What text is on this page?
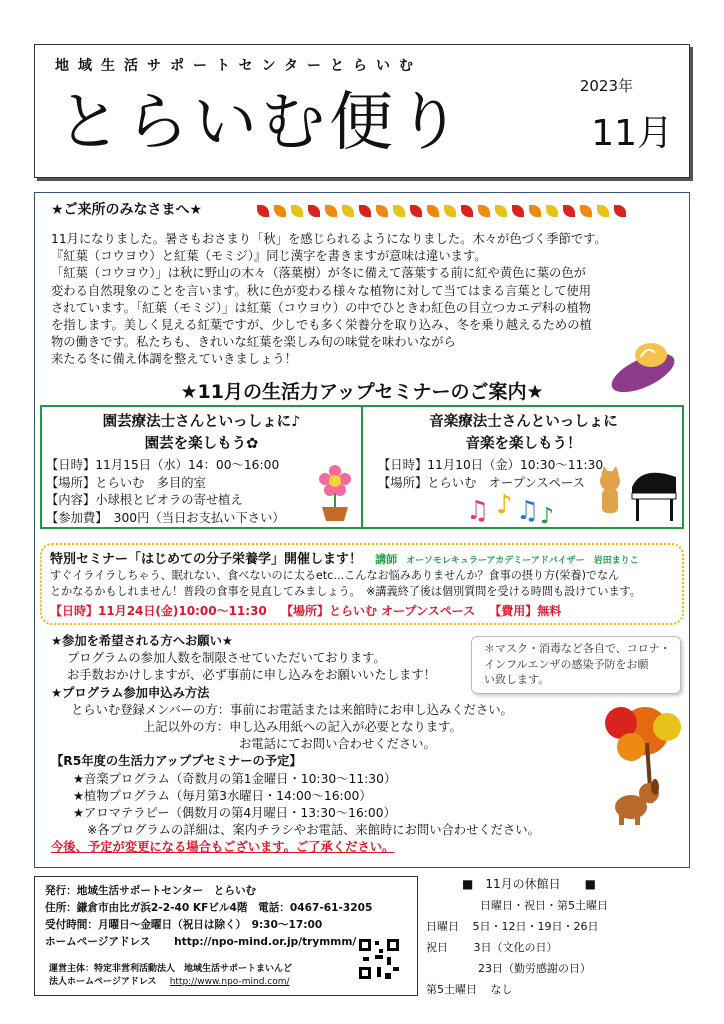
地域生活サポートセンターとらいむ
とらいむ便り	2023年
11月
★ご来所のみなさまへ★
11月になりました。暑さもおさまり「秋」を感じられるようになりました。木々が色づく季節です。
『紅葉（コウヨウ）と紅葉（モミジ）』同じ漢字を書きますが意味は違います。
「紅葉（コウヨウ）」は秋に野山の木々（落葉樹）が冬に備えて落葉する前に紅や黄色に葉の色が
変わる自然現象のことを言います。秋に色が変わる様々な植物に対して当てはまる言葉として使用
されています。「紅葉（モミジ）」は紅葉（コウヨウ）の中でひときわ紅色の目立つカエデ科の植物
を指します。美しく見える紅葉ですが、少しでも多く栄養分を取り込み、冬を乗り越えるための植
物の働きです。私たちも、きれいな紅葉を楽しみ旬の味覚を味わいながら
来たる冬に備え体調を整えていきましょう！
★11月の生活力アップセミナーのご案内★
園芸療法士さんといっしょに♪
園芸を楽しもう✿
【日時】11月15日（水）14：00〜16:00
【場所】とらいむ　多目的室
【内容】小球根とビオラの寄せ植え
【参加費】　300円（当日お支払い下さい）
音楽療法士さんといっしょに
音楽を楽しもう！
【日時】11月10日（金）10:30〜11:30
【場所】とらいむ　オープンスペース
♫ ♪ ♫ ♪
特別セミナー「はじめての分子栄養学」開催します！ 講師 オーソモレキュラーアカデミーアドバイザー　岩田まりこ
すぐイライラしちゃう、眠れない、食べないのに太るetc…こんなお悩みありませんか？食事の摂り方(栄養)でなん
とかなるかもしれません！普段の食事を見直してみましょう。　※講義終了後は個別質問を受ける時間も設けています。
【日時】11月24日(金)10:00〜11:30 【場所】とらいむ オープンスペース 【費用】無料
★参加を希望される方へお願い★
プログラムの参加人数を制限させていただいております。
お手数おかけしますが、必ず事前に申し込みをお願いいたします！
★プログラム参加申込み方法
とらいむ登録メンバーの方：事前にお電話または来館時にお申し込みください。
上記以外の方：申し込み用紙への記入が必要となります。
お電話にてお問い合わせください。
【R5年度の生活力アッププセミナーの予定】
★音楽プログラム（奇数月の第1金曜日・10:30〜11:30）
★植物プログラム（毎月第3水曜日・14:00〜16:00）
★アロマテラピー（偶数月の第4月曜日・13:30〜16:00）
※各プログラムの詳細は、案内チラシやお電話、来館時にお問い合わせください。
今後、予定が変更になる場合もございます。ご了承ください。
＊マスク・消毒など各自で、コロナ・
インフルエンザの感染予防をお願
い致します。
発行：地域生活サポートセンター　とらいむ
住所：鎌倉市由比ガ浜2-2-40 KFビル4階　電話：0467-61-3205
受付時間：月曜日〜金曜日（祝日は除く）　9:30〜17:00
ホームページアドレス http://npo-mind.or.jp/trymmm/
運営主体：特定非営利活動法人　地域生活サポートまいんど
法人ホームページアドレス http://www.npo-mind.com/
■　11月の休館日　　■
日曜日・祝日・第5土曜日
日曜日 5日・12日・19日・26日
祝日 3日（文化の日）
23日（勤労感謝の日）
第5土曜日 なし
